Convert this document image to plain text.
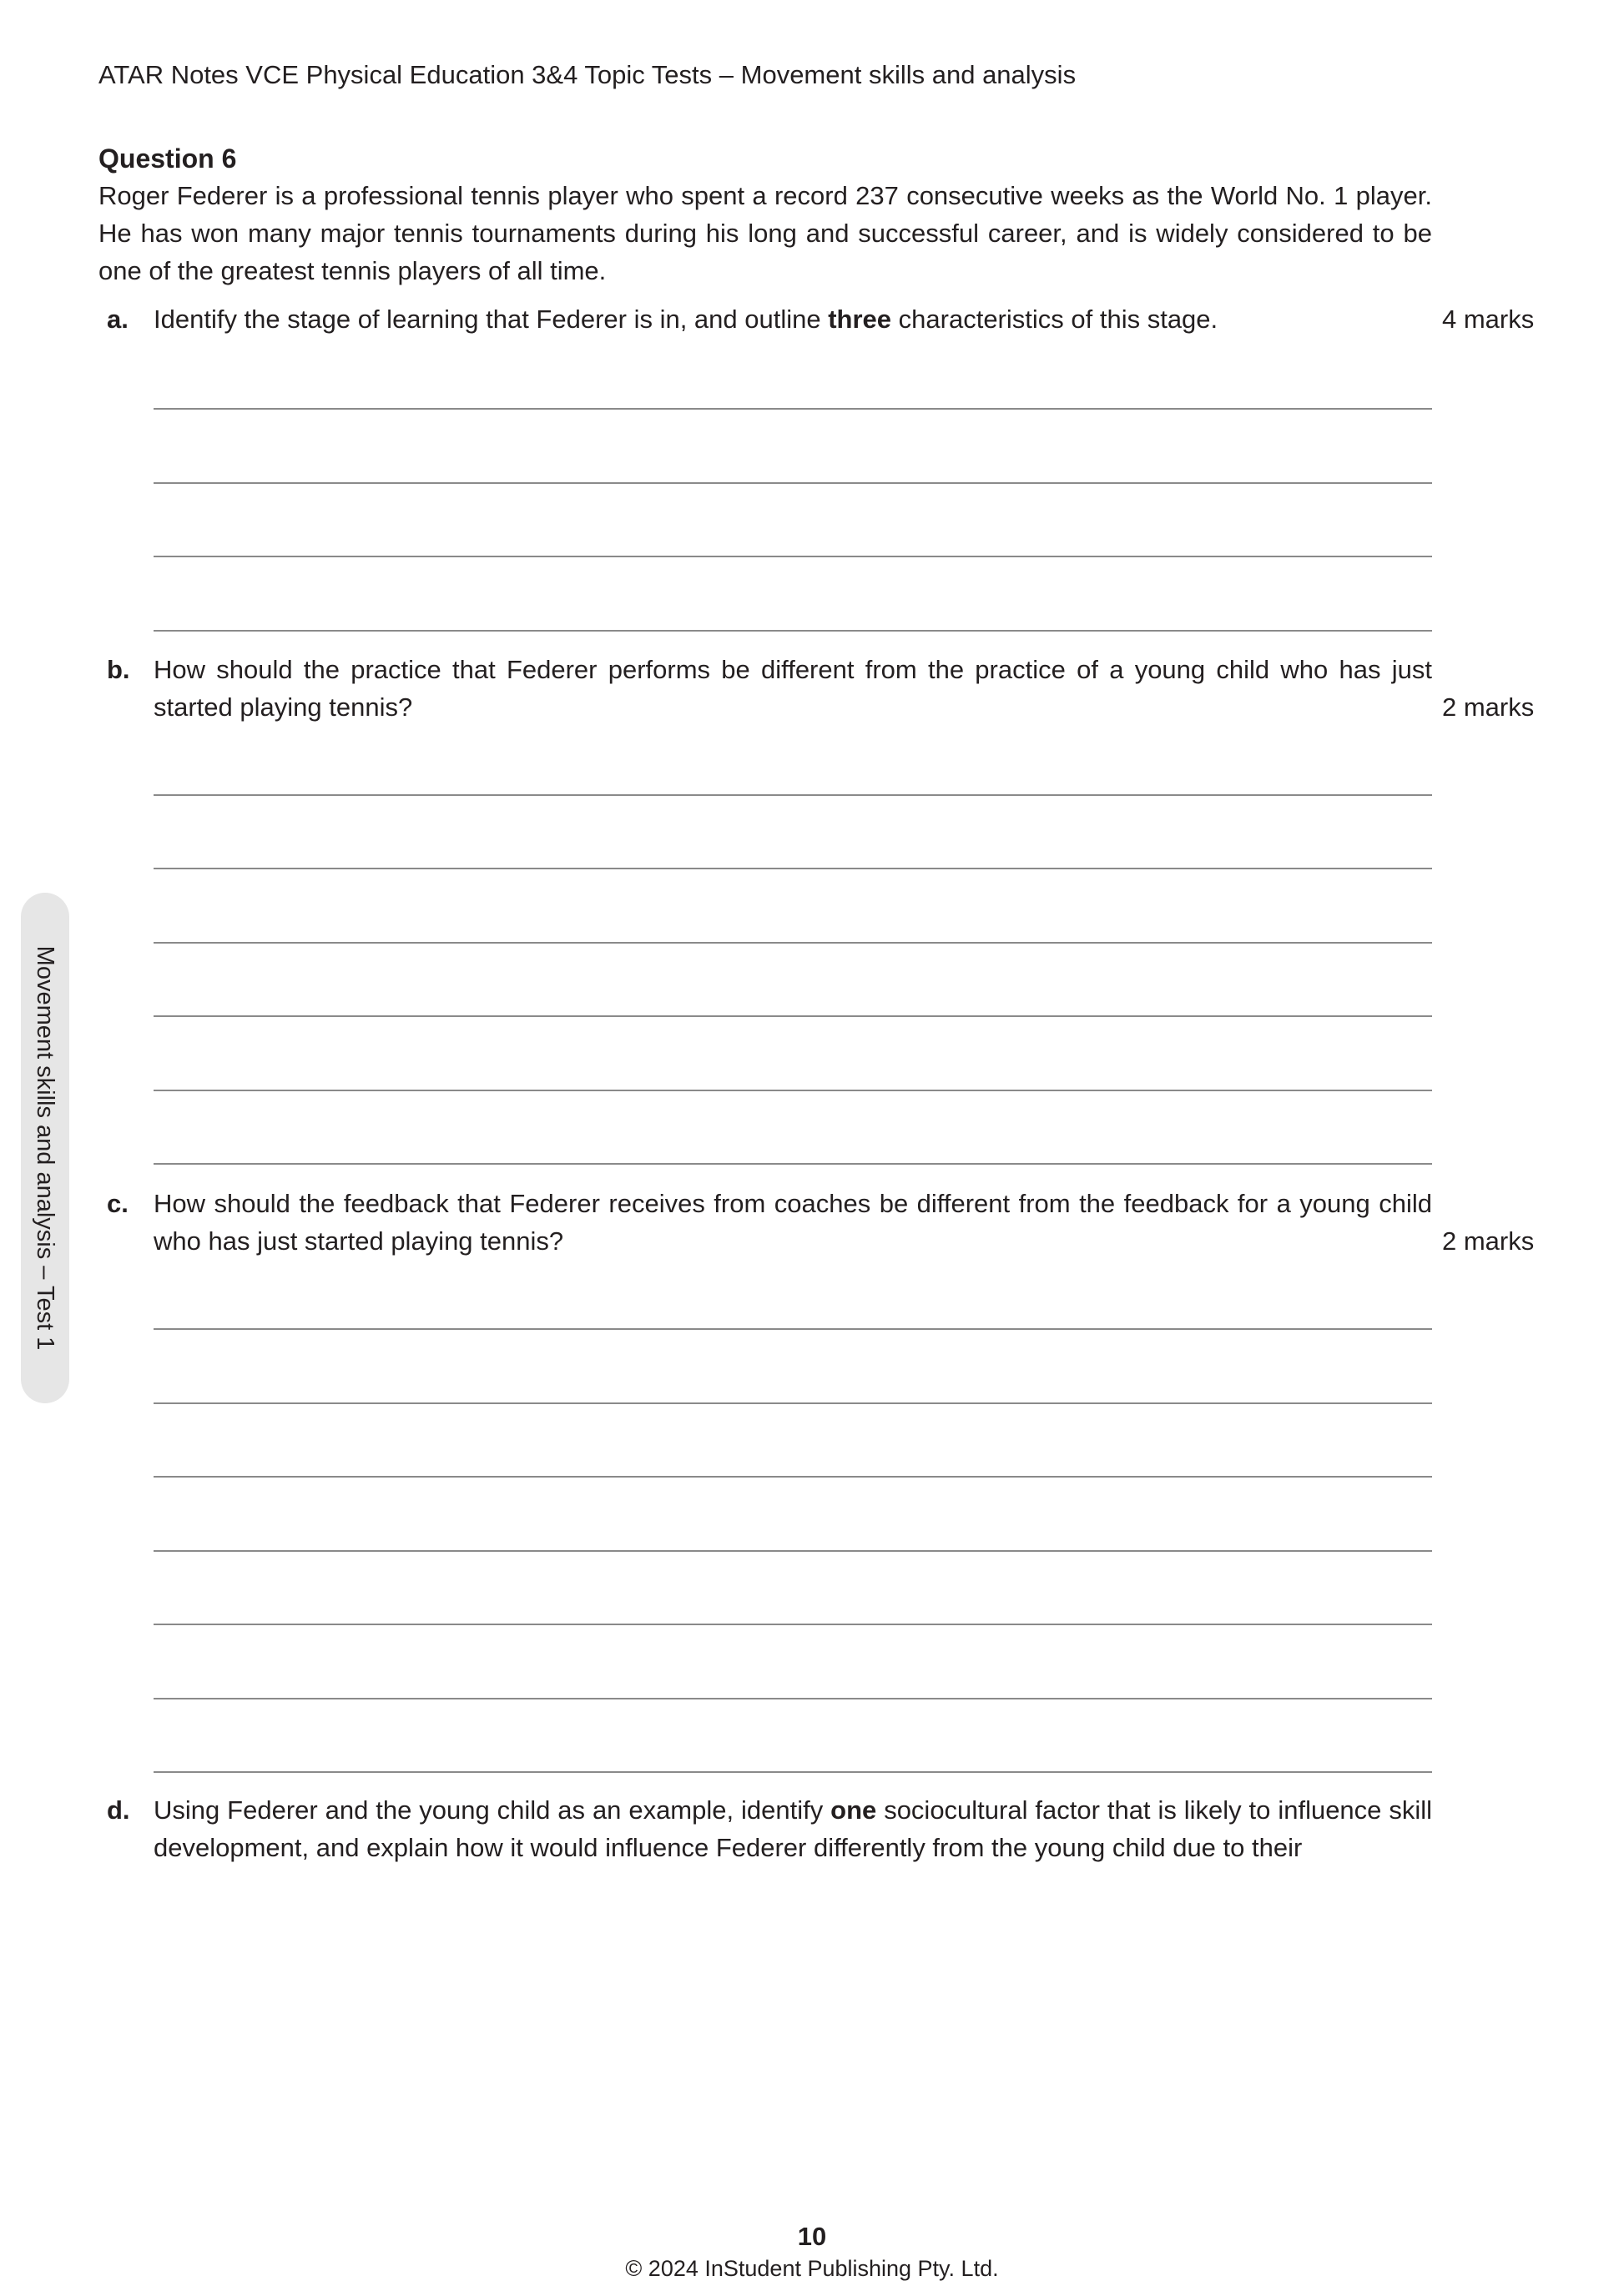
ATAR Notes VCE Physical Education 3&4 Topic Tests – Movement skills and analysis
Question 6
Roger Federer is a professional tennis player who spent a record 237 consecutive weeks as the World No. 1 player. He has won many major tennis tournaments during his long and successful career, and is widely considered to be one of the greatest tennis players of all time.
a. Identify the stage of learning that Federer is in, and outline three characteristics of this stage.	4 marks
b. How should the practice that Federer performs be different from the practice of a young child who has just started playing tennis?	2 marks
c. How should the feedback that Federer receives from coaches be different from the feedback for a young child who has just started playing tennis?	2 marks
d. Using Federer and the young child as an example, identify one sociocultural factor that is likely to influence skill development, and explain how it would influence Federer differently from the young child due to their
Movement skills and analysis – Test 1
10
© 2024 InStudent Publishing Pty. Ltd.
